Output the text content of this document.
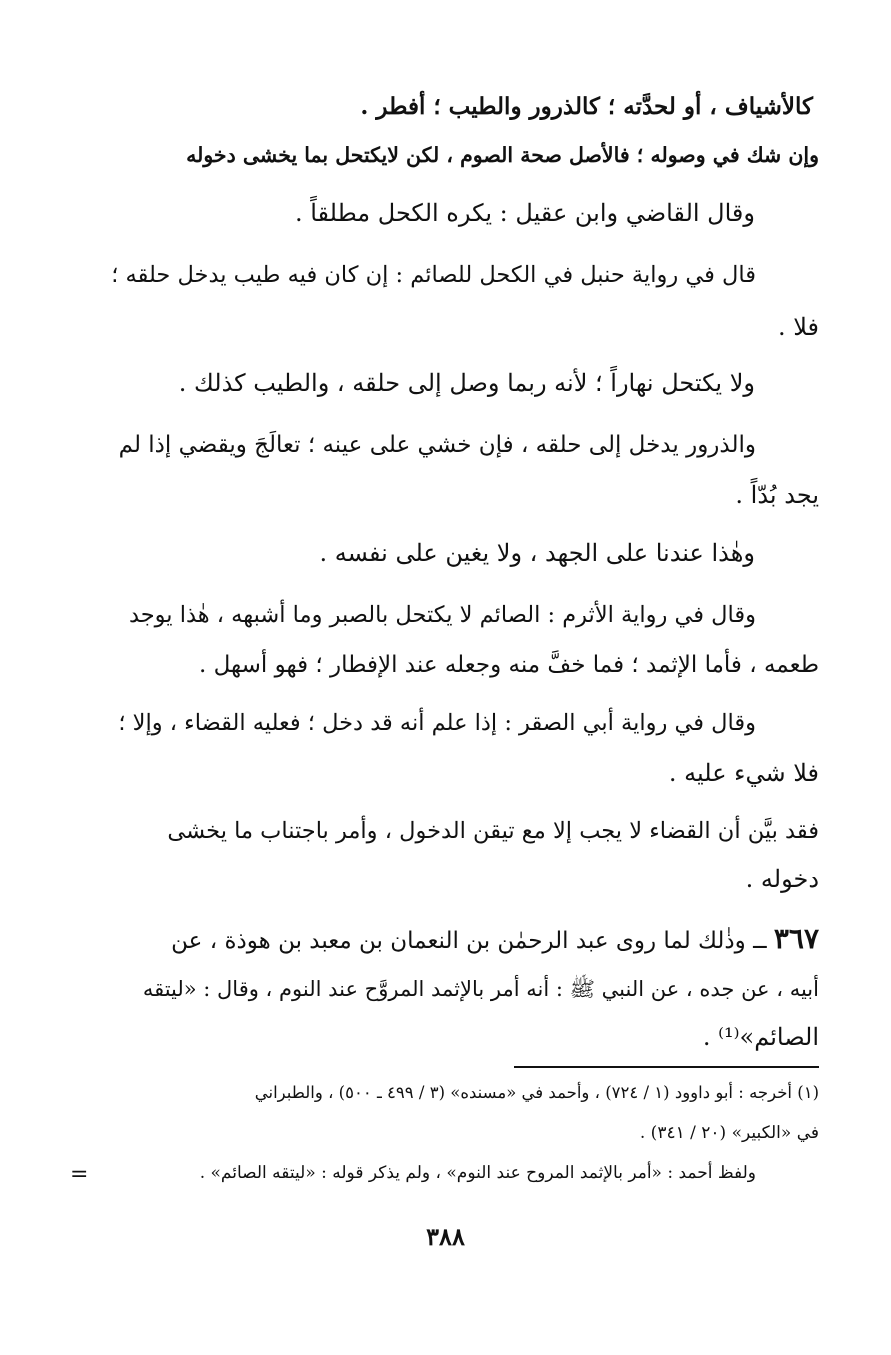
كالأشياف ، أو لحدَّته ؛ كالذرور والطيب ؛ أفطر .

وإن شك في وصوله ؛ فالأصل صحة الصوم ، لكن لايكتحل بما يخشى دخوله

وقال القاضي وابن عقيل : يكره الكحل مطلقاً .

قال في رواية حنبل في الكحل للصائم : إن كان فيه طيب يدخل حلقه ؛

فلا .

ولا يكتحل نهاراً ؛ لأنه ربما وصل إلى حلقه ، والطيب كذلك .

والذرور يدخل إلى حلقه ، فإن خشي على عينه ؛ تعالَجَ ويقضي إذا لم

يجد بُدّاً .

وهٰذا عندنا على الجهد ، ولا يغين على نفسه .

وقال في رواية الأثرم : الصائم لا يكتحل بالصبر وما أشبهه ، هٰذا يوجد

طعمه ، فأما الإثمد ؛ فما خفَّ منه وجعله عند الإفطار ؛ فهو أسهل .

وقال في رواية أبي الصقر : إذا علم أنه قد دخل ؛ فعليه القضاء ، وإلا ؛

فلا شيء عليه .

فقد بيَّن أن القضاء لا يجب إلا مع تيقن الدخول ، وأمر باجتناب ما يخشى

دخوله .

٣٦٧ ــ وذٰلك لما روى عبد الرحمٰن بن النعمان بن معبد بن هوذة ، عن

أبيه ، عن جده ، عن النبي ﷺ : أنه أمر بالإثمد المروَّح عند النوم ، وقال : «ليتقه

الصائم»⁽¹⁾ .

(١) أخرجه : أبو داوود (١ / ٧٢٤) ، وأحمد في «مسنده» (٣ / ٤٩٩ ـ ٥٠٠) ، والطبراني

في «الكبير» (٢٠ / ٣٤١) .

ولفظ أحمد : «أمر بالإثمد المروح عند النوم» ، ولم يذكر قوله : «ليتقه الصائم» .

=
٣٨٨
